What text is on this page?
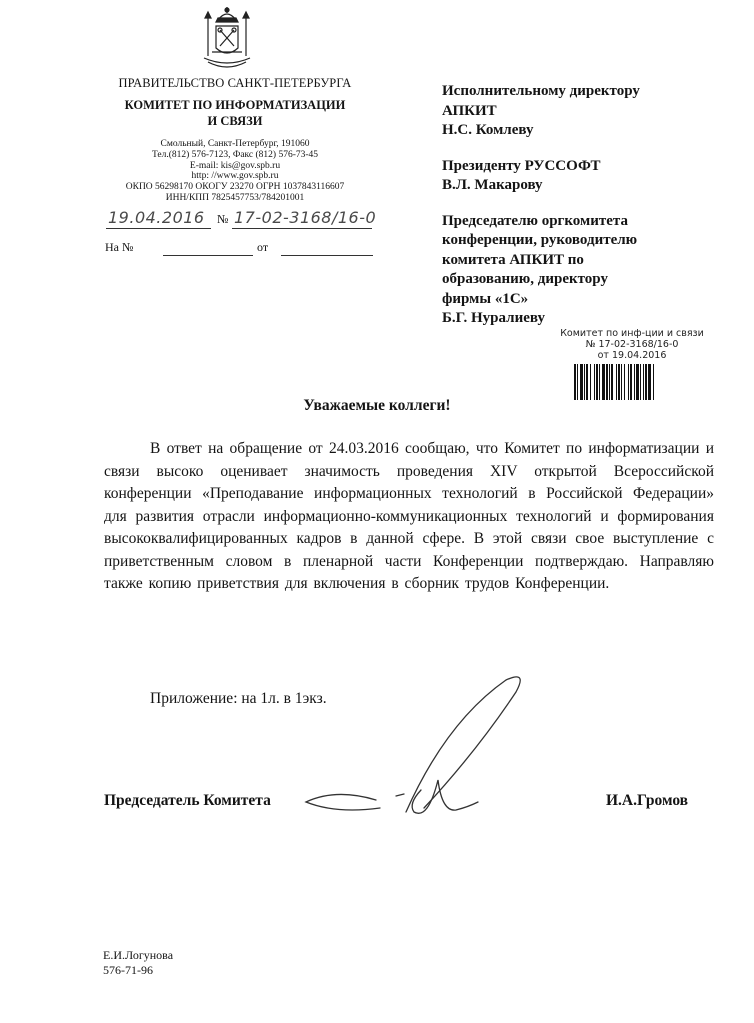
ПРАВИТЕЛЬСТВО САНКТ-ПЕТЕРБУРГА
КОМИТЕТ ПО ИНФОРМАТИЗАЦИИ
И СВЯЗИ
Смольный, Санкт-Петербург, 191060
Тел.(812) 576-7123, Факс (812) 576-73-45
E-mail: kis@gov.spb.ru
http: //www.gov.spb.ru
ОКПО 56298170 ОКОГУ 23270 ОГРН 1037843116607
ИНН/КПП 7825457753/784201001
19.04.2016 № 17-02-3168/16-0
На №	от
Исполнительному директору
АПКИТ
Н.С. Комлеву
Президенту РУССОФТ
В.Л. Макарову
Председателю оргкомитета
конференции, руководителю
комитета АПКИТ по
образованию, директору
фирмы «1С»
Б.Г. Нуралиеву
Комитет по инф-ции и связи
№ 17-02-3168/16-0
от 19.04.2016
Уважаемые коллеги!
В ответ на обращение от 24.03.2016 сообщаю, что Комитет по информатизации и связи высоко оценивает значимость проведения XIV открытой Всероссийской конференции «Преподавание информационных технологий в Российской Федерации» для развития отрасли информационно-коммуникационных технологий и формирования высококвалифицированных кадров в данной сфере. В этой связи свое выступление с приветственным словом в пленарной части Конференции подтверждаю. Направляю также копию приветствия для включения в сборник трудов Конференции.
Приложение: на 1л. в 1экз.
Председатель Комитета	И.А.Громов
Е.И.Логунова
576-71-96
